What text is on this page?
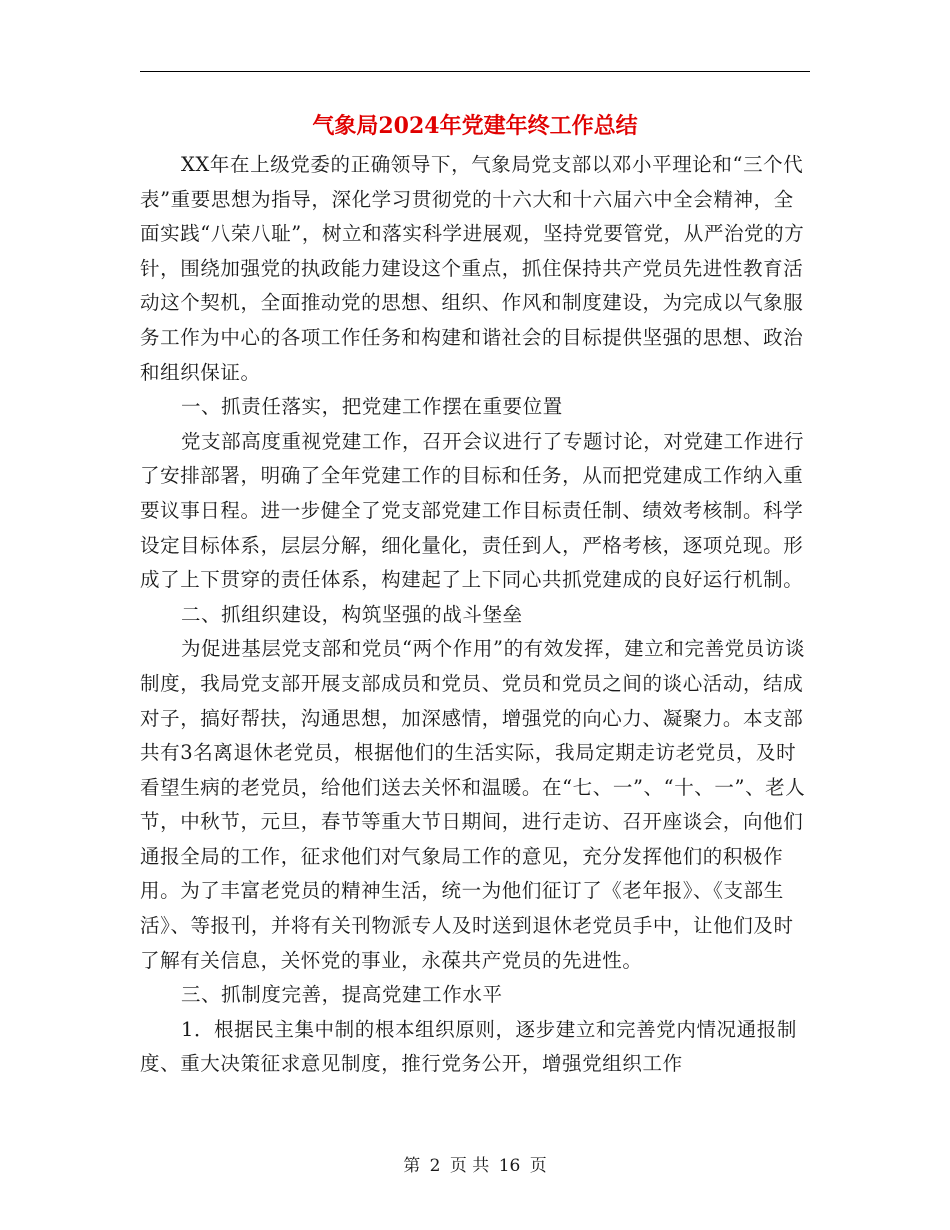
气象局2024年党建年终工作总结

XX年在上级党委的正确领导下，气象局党支部以邓小平理论和“三个代表”重要思想为指导，深化学习贯彻党的十六大和十六届六中全会精神，全面实践“八荣八耻”，树立和落实科学进展观，坚持党要管党，从严治党的方针，围绕加强党的执政能力建设这个重点，抓住保持共产党员先进性教育活动这个契机，全面推动党的思想、组织、作风和制度建设，为完成以气象服务工作为中心的各项工作任务和构建和谐社会的目标提供坚强的思想、政治和组织保证。

一、抓责任落实，把党建工作摆在重要位置

党支部高度重视党建工作，召开会议进行了专题讨论，对党建工作进行了安排部署，明确了全年党建工作的目标和任务，从而把党建成工作纳入重要议事日程。进一步健全了党支部党建工作目标责任制、绩效考核制。科学设定目标体系，层层分解，细化量化，责任到人，严格考核，逐项兑现。形成了上下贯穿的责任体系，构建起了上下同心共抓党建成的良好运行机制。

二、抓组织建设，构筑坚强的战斗堡垒

为促进基层党支部和党员“两个作用”的有效发挥，建立和完善党员访谈制度，我局党支部开展支部成员和党员、党员和党员之间的谈心活动，结成对子，搞好帮扶，沟通思想，加深感情，增强党的向心力、凝聚力。本支部共有3名离退休老党员，根据他们的生活实际，我局定期走访老党员，及时看望生病的老党员，给他们送去关怀和温暖。在“七、一”、“十、一”、老人节，中秋节，元旦，春节等重大节日期间，进行走访、召开座谈会，向他们通报全局的工作，征求他们对气象局工作的意见，充分发挥他们的积极作用。为了丰富老党员的精神生活，统一为他们征订了《老年报》、《支部生活》、等报刊，并将有关刊物派专人及时送到退休老党员手中，让他们及时了解有关信息，关怀党的事业，永葆共产党员的先进性。

三、抓制度完善，提高党建工作水平

1．根据民主集中制的根本组织原则，逐步建立和完善党内情况通报制度、重大决策征求意见制度，推行党务公开，增强党组织工作

第 2 页 共 16 页
